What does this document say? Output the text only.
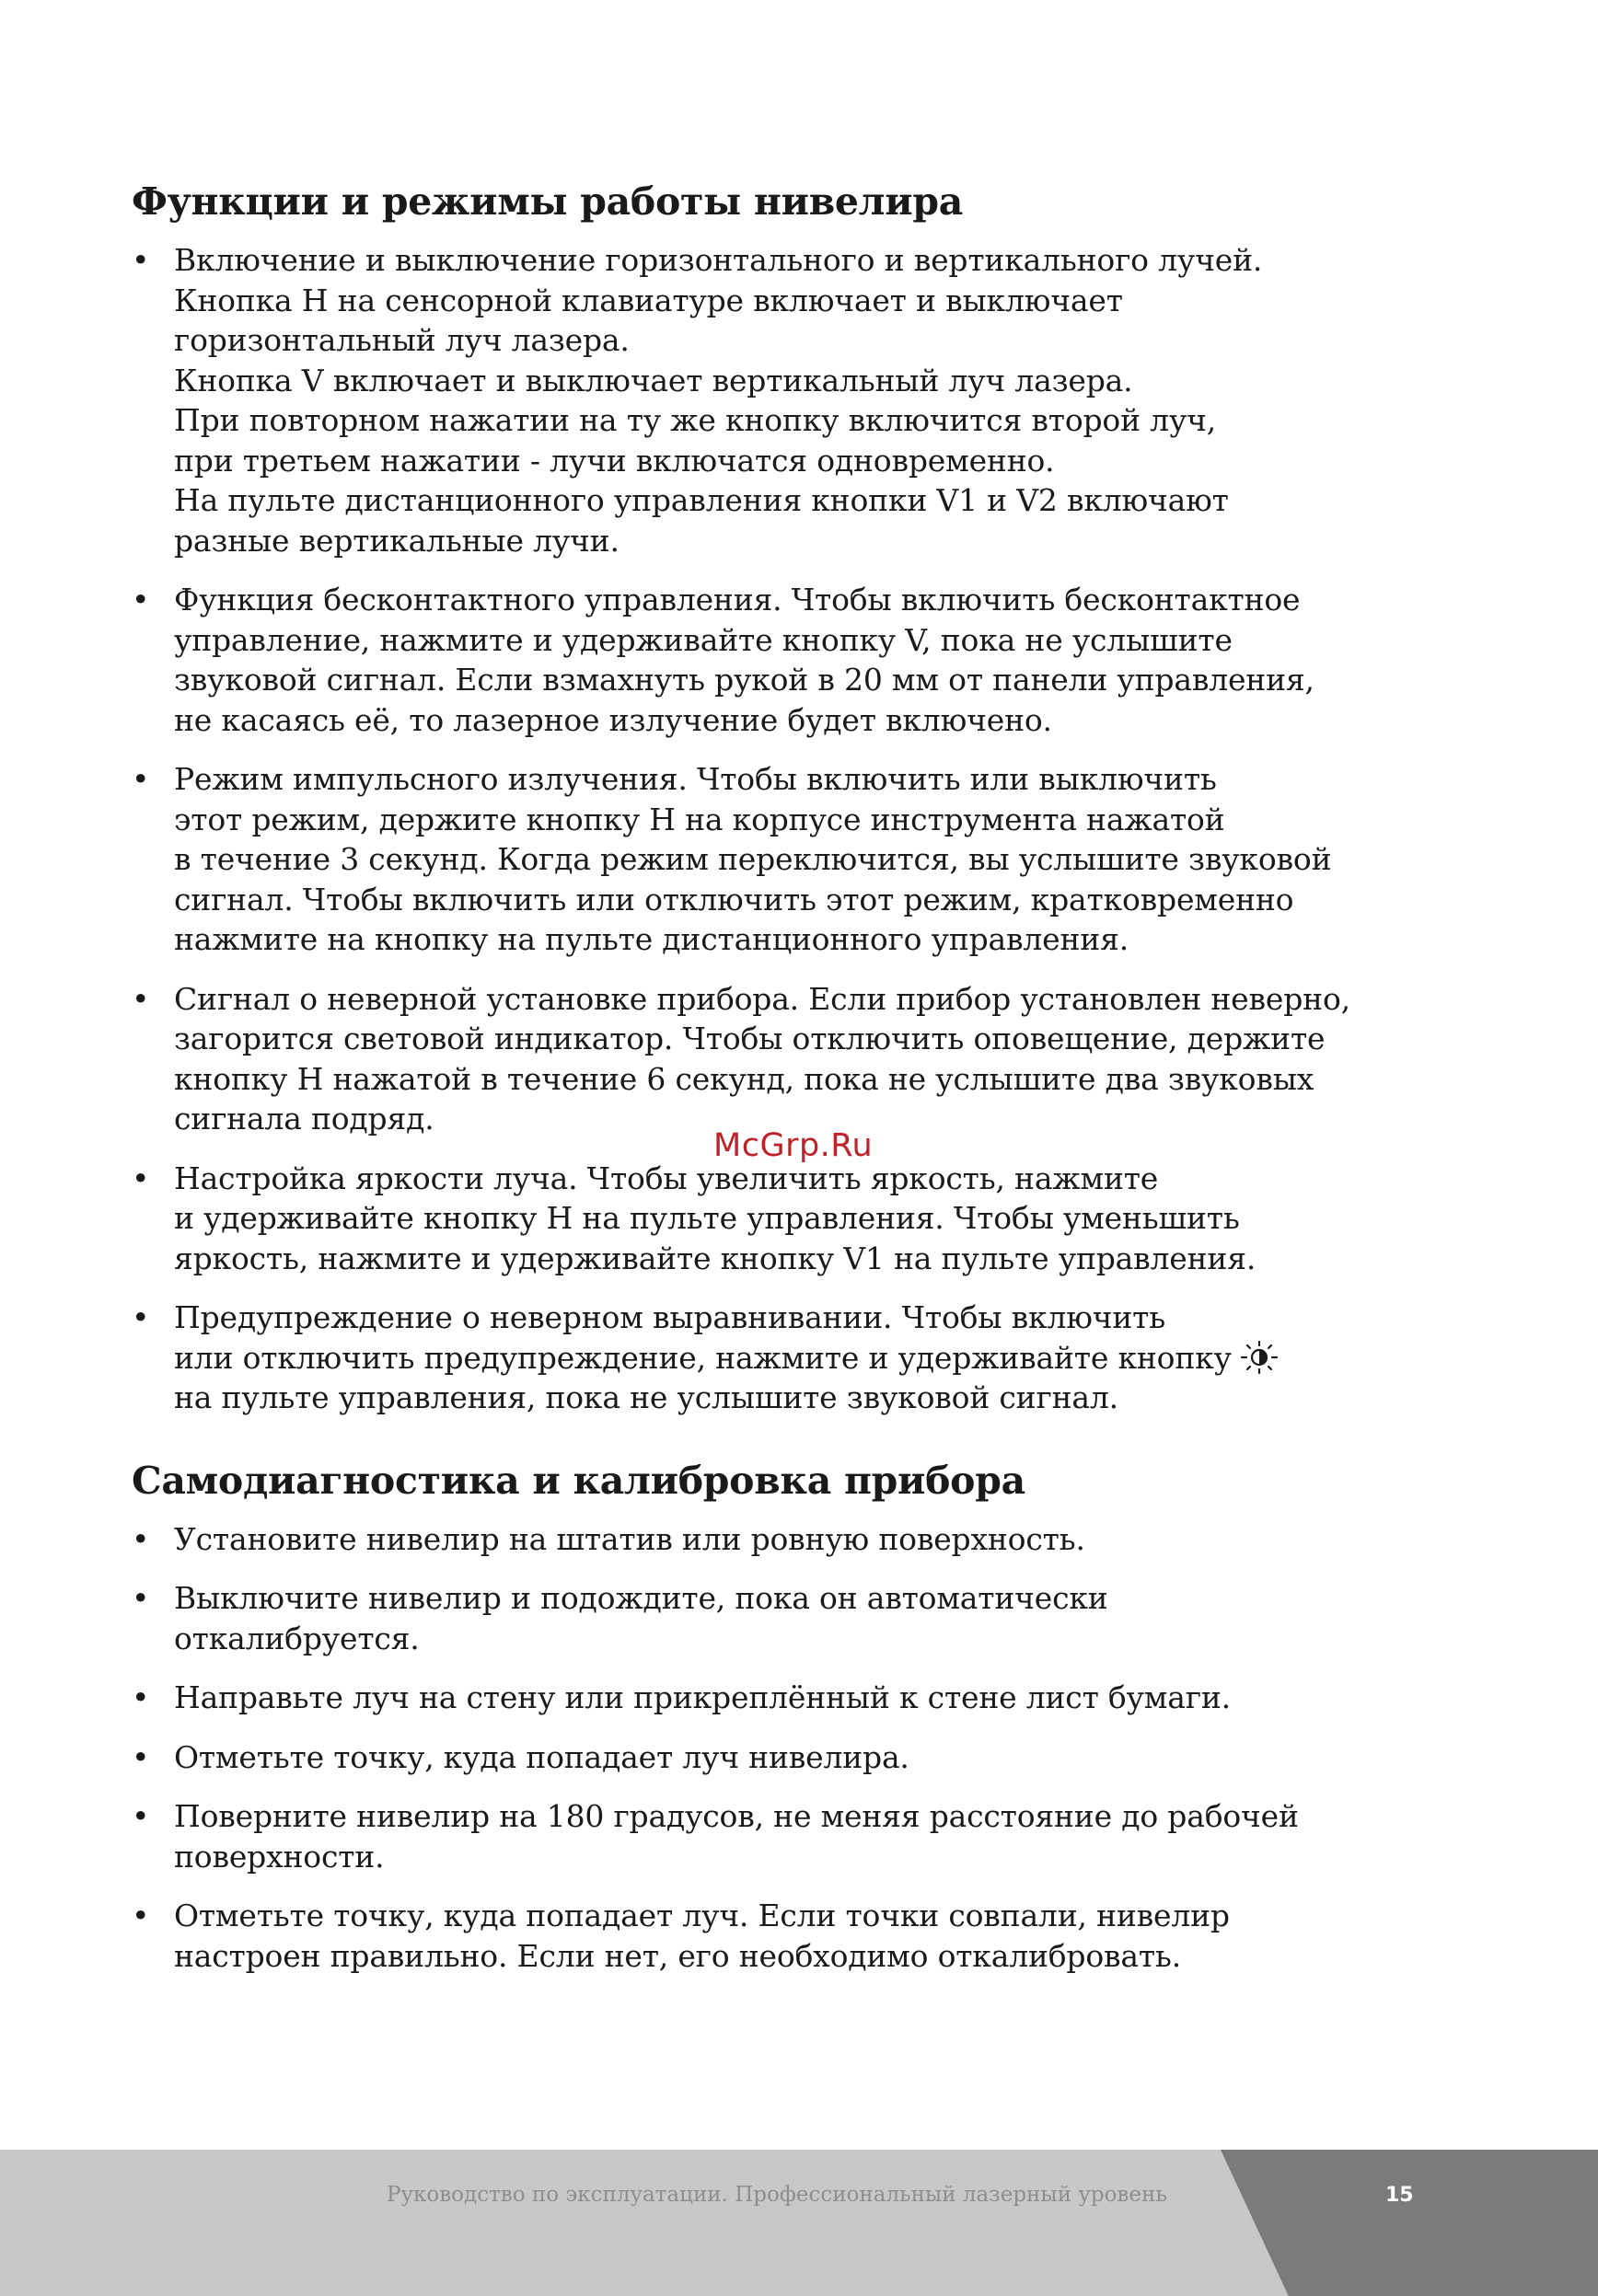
Функции и режимы работы нивелира
• Включение и выключение горизонтального и вертикального лучей.
Кнопка H на сенсорной клавиатуре включает и выключает
горизонтальный луч лазера.
Кнопка V включает и выключает вертикальный луч лазера.
При повторном нажатии на ту же кнопку включится второй луч,
при третьем нажатии - лучи включатся одновременно.
На пульте дистанционного управления кнопки V1 и V2 включают
разные вертикальные лучи.
• Функция бесконтактного управления. Чтобы включить бесконтактное
управление, нажмите и удерживайте кнопку V, пока не услышите
звуковой сигнал. Если взмахнуть рукой в 20 мм от панели управления,
не касаясь её, то лазерное излучение будет включено.
• Режим импульсного излучения. Чтобы включить или выключить
этот режим, держите кнопку H на корпусе инструмента нажатой
в течение 3 секунд. Когда режим переключится, вы услышите звуковой
сигнал. Чтобы включить или отключить этот режим, кратковременно
нажмите на кнопку на пульте дистанционного управления.
• Сигнал о неверной установке прибора. Если прибор установлен неверно,
загорится световой индикатор. Чтобы отключить оповещение, держите
кнопку H нажатой в течение 6 секунд, пока не услышите два звуковых
сигнала подряд.
• Настройка яркости луча. Чтобы увеличить яркость, нажмите
и удерживайте кнопку H на пульте управления. Чтобы уменьшить
яркость, нажмите и удерживайте кнопку V1 на пульте управления.
• Предупреждение о неверном выравнивании. Чтобы включить
или отключить предупреждение, нажмите и удерживайте кнопку
на пульте управления, пока не услышите звуковой сигнал.
Самодиагностика и калибровка прибора
• Установите нивелир на штатив или ровную поверхность.
• Выключите нивелир и подождите, пока он автоматически
откалибруется.
• Направьте луч на стену или прикреплённый к стене лист бумаги.
• Отметьте точку, куда попадает луч нивелира.
• Поверните нивелир на 180 градусов, не меняя расстояние до рабочей
поверхности.
• Отметьте точку, куда попадает луч. Если точки совпали, нивелир
настроен правильно. Если нет, его необходимо откалибровать.
McGrp.Ru
Руководство по эксплуатации. Профессиональный лазерный уровень	15
